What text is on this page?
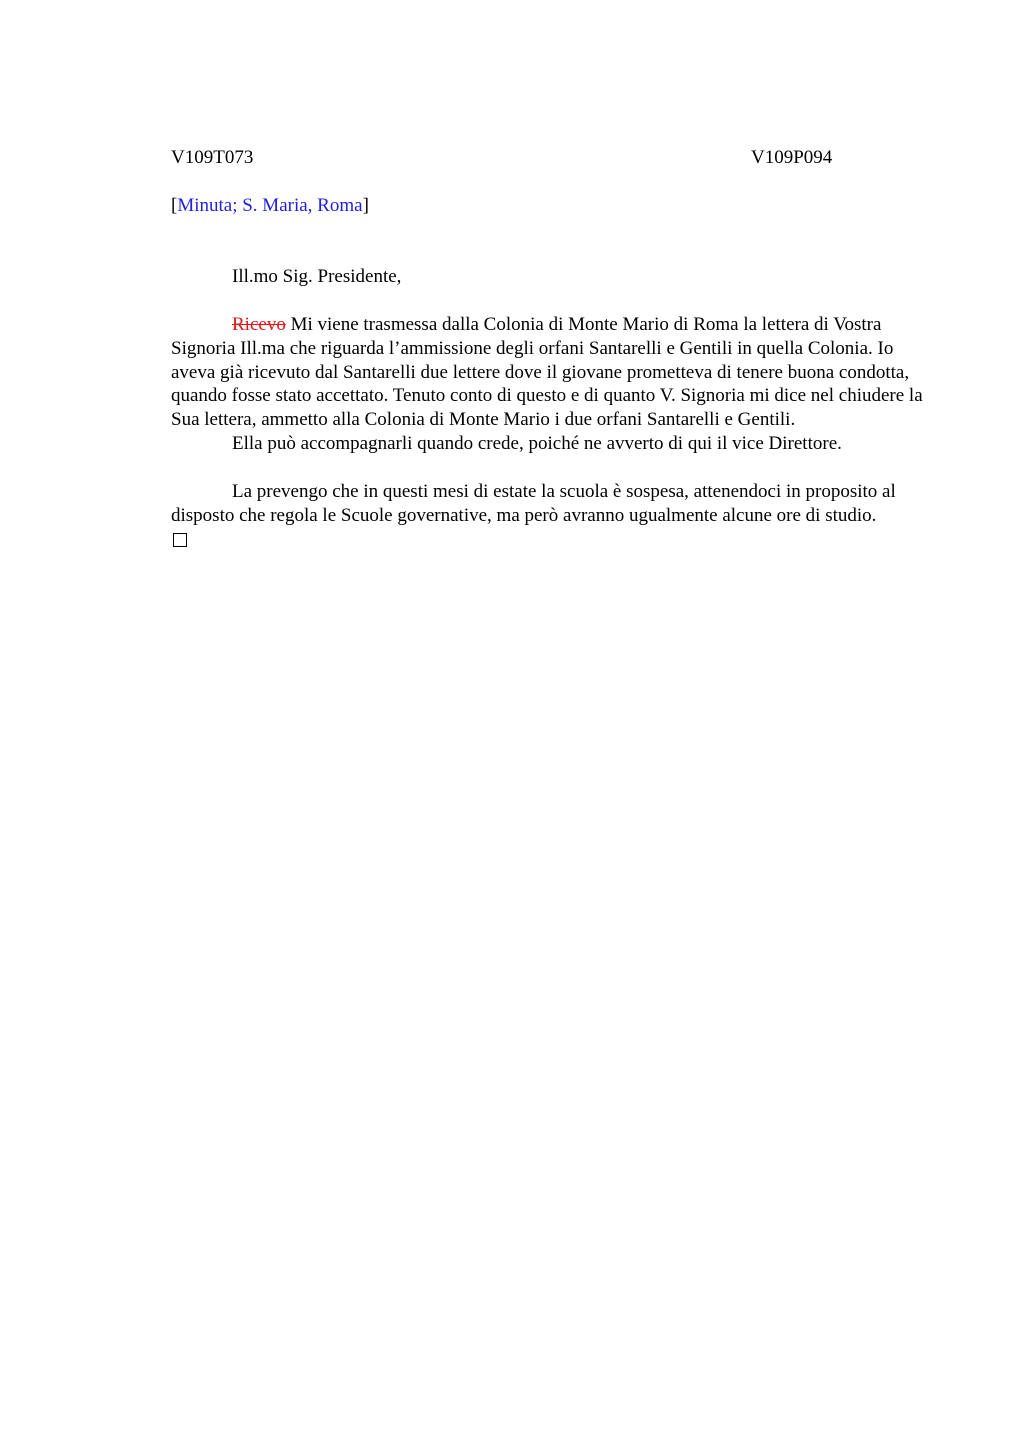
V109T073	V109P094
[Minuta; S. Maria, Roma]
Ill.mo Sig. Presidente,
Ricevo Mi viene trasmessa dalla Colonia di Monte Mario di Roma la lettera di Vostra Signoria Ill.ma che riguarda l’ammissione degli orfani Santarelli e Gentili in quella Colonia. Io aveva già ricevuto dal Santarelli due lettere dove il giovane prometteva di tenere buona condotta, quando fosse stato accettato. Tenuto conto di questo e di quanto V. Signoria mi dice nel chiudere la Sua lettera, ammetto alla Colonia di Monte Mario i due orfani Santarelli e Gentili.
Ella può accompagnarli quando crede, poiché ne avverto di qui il vice Direttore.
La prevengo che in questi mesi di estate la scuola è sospesa, attenendoci in proposito al disposto che regola le Scuole governative, ma però avranno ugualmente alcune ore di studio.
